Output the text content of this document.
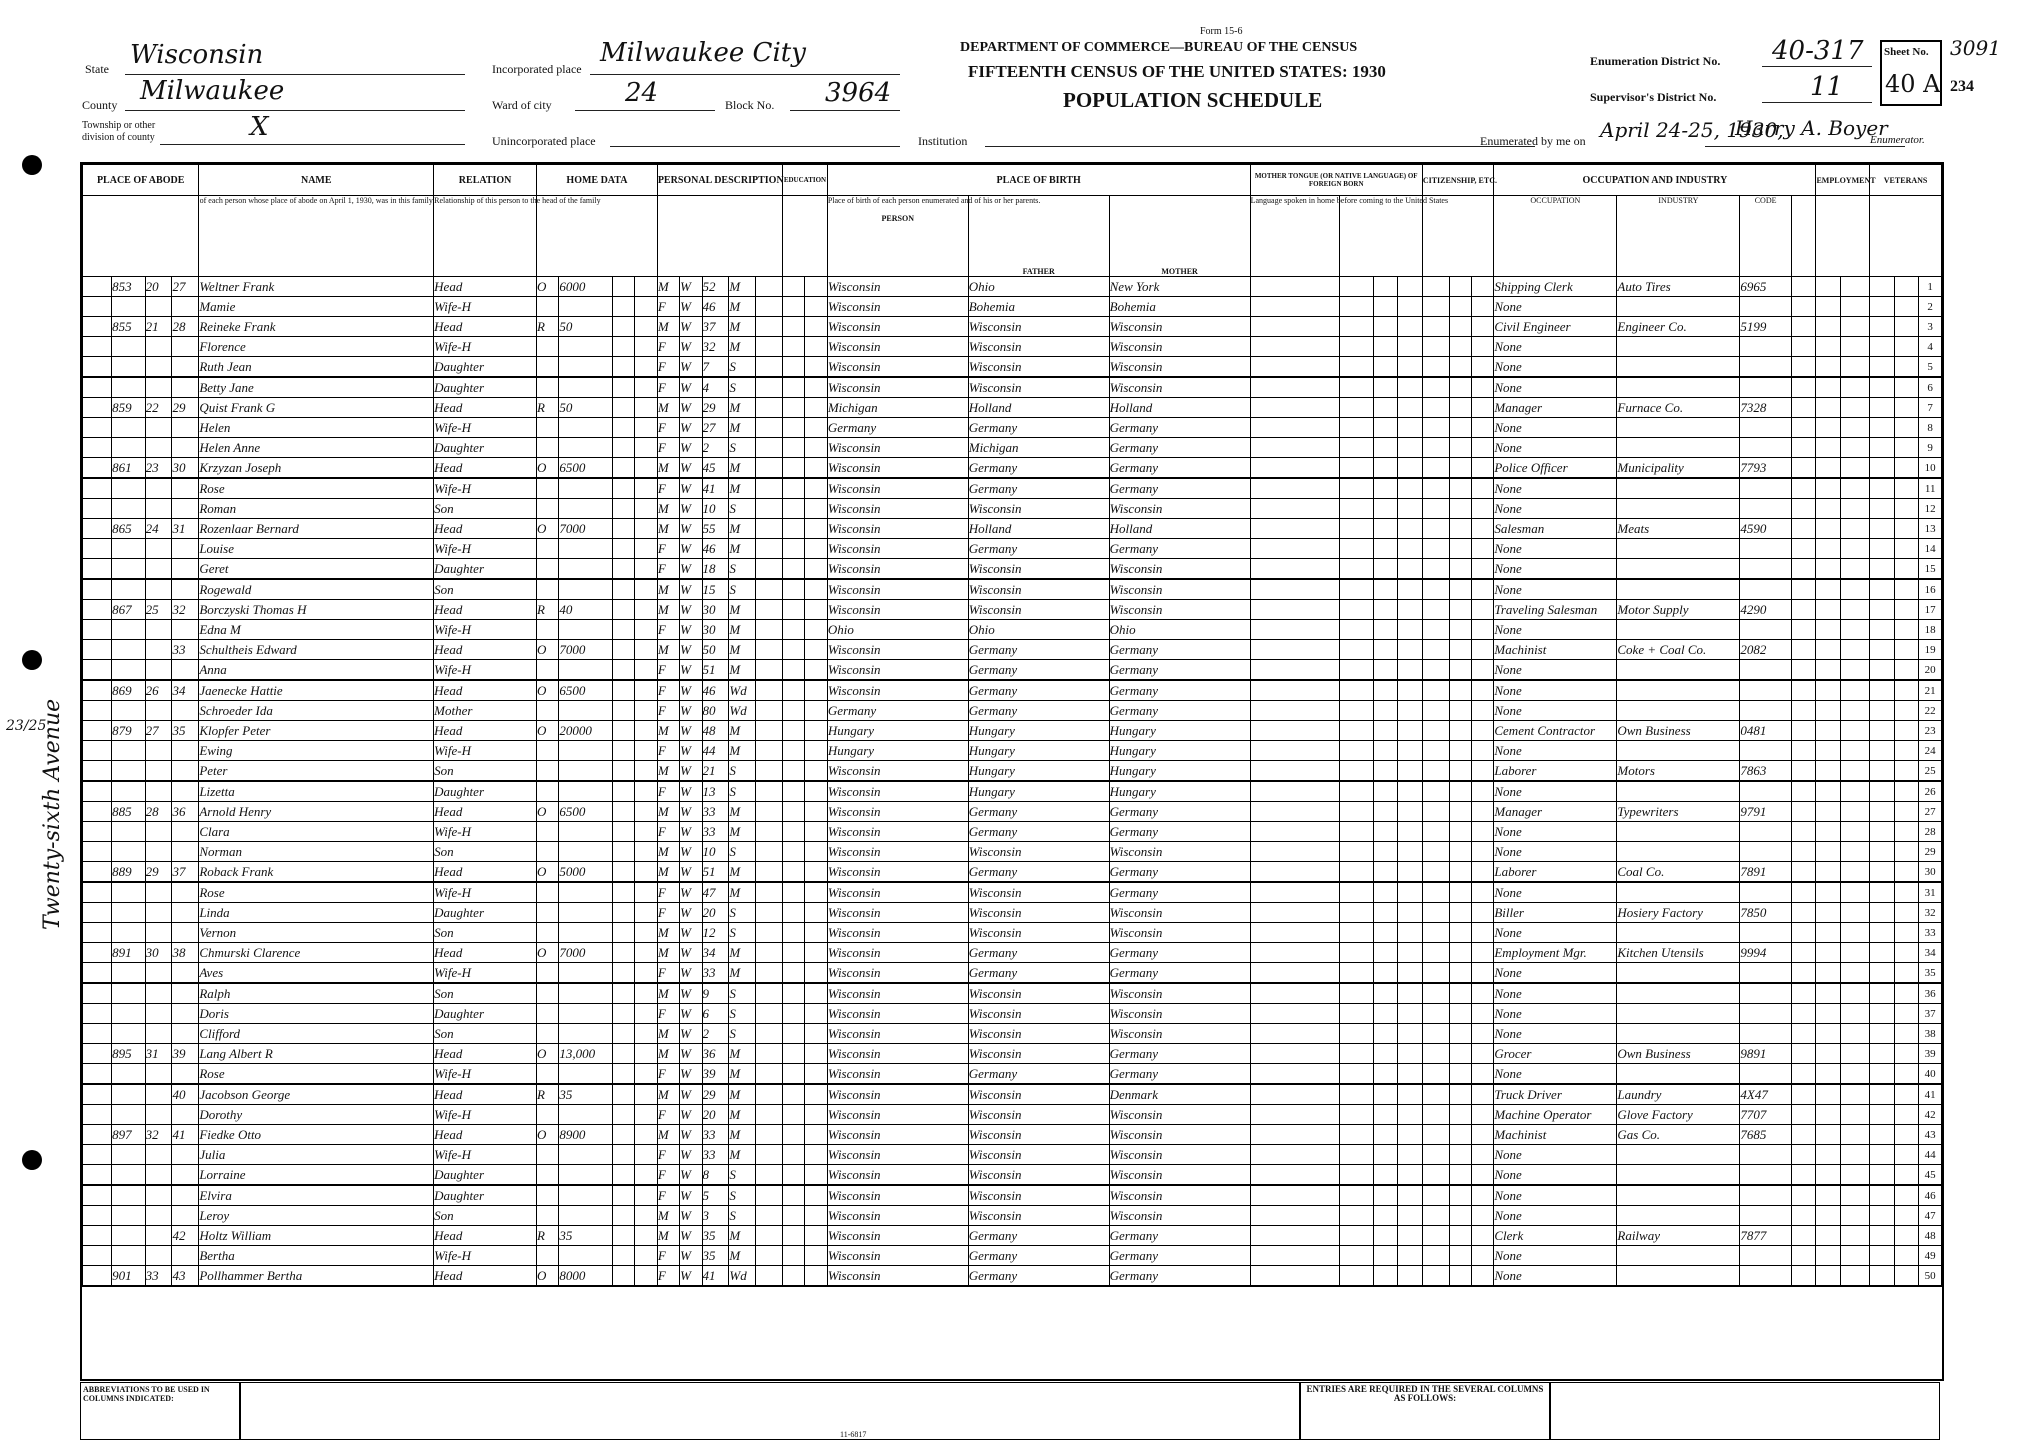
State Wisconsin
County Milwaukee
Township or other division of county	X
Incorporated place
Milwaukee City
Ward of city	24	Block No. 3964
Unincorporated place
Form 15-6
DEPARTMENT OF COMMERCE—BUREAU OF THE CENSUS
FIFTEENTH CENSUS OF THE UNITED STATES: 1930
POPULATION SCHEDULE
Institution
Enumeration District No. 40-317
Supervisor's District No.	11
Sheet No.
40 A 234
3091
Enumerated by me on April 24-25, 1930,
Harry A. Boyer
Enumerator.
PLACE OF ABODE				NAME	RELATION	HOME DATA				PERSONAL DESCRIPTION					EDUCATION		PLACE OF BIRTH			MOTHER TONGUE (OR NATIVE LANGUAGE) OF FOREIGN BORN				CITIZENSHIP, ETC.			OCCUPATION AND INDUSTRY				EMPLOYMENT		VETERANS		
				of each person whose place of abode on April 1, 1930, was in this family	Relationship of this person to the head of the family												Place of birth of each person enumerated and of his or her parents.

PERSON	FATHER	MOTHER	Language spoken in home before coming to the United States							OCCUPATION	INDUSTRY	CODE						
	853	20	27	Weltner Frank	Head	O	6000			M	W	52	M				Wisconsin	Ohio	New York								Shipping Clerk	Auto Tires	6965						1
				Mamie	Wife-H					F	W	46	M				Wisconsin	Bohemia	Bohemia								None								2
	855	21	28	Reineke Frank	Head	R	50			M	W	37	M				Wisconsin	Wisconsin	Wisconsin								Civil Engineer	Engineer Co.	5199						3
				Florence	Wife-H					F	W	32	M				Wisconsin	Wisconsin	Wisconsin								None								4
				Ruth Jean	Daughter					F	W	7	S				Wisconsin	Wisconsin	Wisconsin								None								5
				Betty Jane	Daughter					F	W	4	S				Wisconsin	Wisconsin	Wisconsin								None								6
	859	22	29	Quist Frank G	Head	R	50			M	W	29	M				Michigan	Holland	Holland								Manager	Furnace Co.	7328						7
				Helen	Wife-H					F	W	27	M				Germany	Germany	Germany								None								8
				Helen Anne	Daughter					F	W	2	S				Wisconsin	Michigan	Germany								None								9
	861	23	30	Krzyzan Joseph	Head	O	6500			M	W	45	M				Wisconsin	Germany	Germany								Police Officer	Municipality	7793						10
				Rose	Wife-H					F	W	41	M				Wisconsin	Germany	Germany								None								11
				Roman	Son					M	W	10	S				Wisconsin	Wisconsin	Wisconsin								None								12
	865	24	31	Rozenlaar Bernard	Head	O	7000			M	W	55	M				Wisconsin	Holland	Holland								Salesman	Meats	4590						13
				Louise	Wife-H					F	W	46	M				Wisconsin	Germany	Germany								None								14
				Geret	Daughter					F	W	18	S				Wisconsin	Wisconsin	Wisconsin								None								15
				Rogewald	Son					M	W	15	S				Wisconsin	Wisconsin	Wisconsin								None								16
	867	25	32	Borczyski Thomas H	Head	R	40			M	W	30	M				Wisconsin	Wisconsin	Wisconsin								Traveling Salesman	Motor Supply	4290						17
				Edna M	Wife-H					F	W	30	M				Ohio	Ohio	Ohio								None								18
			33	Schultheis Edward	Head	O	7000			M	W	50	M				Wisconsin	Germany	Germany								Machinist	Coke + Coal Co.	2082						19
				Anna	Wife-H					F	W	51	M				Wisconsin	Germany	Germany								None								20
	869	26	34	Jaenecke Hattie	Head	O	6500			F	W	46	Wd				Wisconsin	Germany	Germany								None								21
				Schroeder Ida	Mother					F	W	80	Wd				Germany	Germany	Germany								None								22
	879	27	35	Klopfer Peter	Head	O	20000			M	W	48	M				Hungary	Hungary	Hungary								Cement Contractor	Own Business	0481						23
				Ewing	Wife-H					F	W	44	M				Hungary	Hungary	Hungary								None								24
				Peter	Son					M	W	21	S				Wisconsin	Hungary	Hungary								Laborer	Motors	7863						25
				Lizetta	Daughter					F	W	13	S				Wisconsin	Hungary	Hungary								None								26
	885	28	36	Arnold Henry	Head	O	6500			M	W	33	M				Wisconsin	Germany	Germany								Manager	Typewriters	9791						27
				Clara	Wife-H					F	W	33	M				Wisconsin	Germany	Germany								None								28
				Norman	Son					M	W	10	S				Wisconsin	Wisconsin	Wisconsin								None								29
	889	29	37	Roback Frank	Head	O	5000			M	W	51	M				Wisconsin	Germany	Germany								Laborer	Coal Co.	7891						30
				Rose	Wife-H					F	W	47	M				Wisconsin	Wisconsin	Germany								None								31
				Linda	Daughter					F	W	20	S				Wisconsin	Wisconsin	Wisconsin								Biller	Hosiery Factory	7850						32
				Vernon	Son					M	W	12	S				Wisconsin	Wisconsin	Wisconsin								None								33
	891	30	38	Chmurski Clarence	Head	O	7000			M	W	34	M				Wisconsin	Germany	Germany								Employment Mgr.	Kitchen Utensils	9994						34
				Aves	Wife-H					F	W	33	M				Wisconsin	Germany	Germany								None								35
				Ralph	Son					M	W	9	S				Wisconsin	Wisconsin	Wisconsin								None								36
				Doris	Daughter					F	W	6	S				Wisconsin	Wisconsin	Wisconsin								None								37
				Clifford	Son					M	W	2	S				Wisconsin	Wisconsin	Wisconsin								None								38
	895	31	39	Lang Albert R	Head	O	13,000			M	W	36	M				Wisconsin	Wisconsin	Germany								Grocer	Own Business	9891						39
				Rose	Wife-H					F	W	39	M				Wisconsin	Germany	Germany								None								40
			40	Jacobson George	Head	R	35			M	W	29	M				Wisconsin	Wisconsin	Denmark								Truck Driver	Laundry	4X47						41
				Dorothy	Wife-H					F	W	20	M				Wisconsin	Wisconsin	Wisconsin								Machine Operator	Glove Factory	7707						42
	897	32	41	Fiedke Otto	Head	O	8900			M	W	33	M				Wisconsin	Wisconsin	Wisconsin								Machinist	Gas Co.	7685						43
				Julia	Wife-H					F	W	33	M				Wisconsin	Wisconsin	Wisconsin								None								44
				Lorraine	Daughter					F	W	8	S				Wisconsin	Wisconsin	Wisconsin								None								45
				Elvira	Daughter					F	W	5	S				Wisconsin	Wisconsin	Wisconsin								None								46
				Leroy	Son					M	W	3	S				Wisconsin	Wisconsin	Wisconsin								None								47
			42	Holtz William	Head	R	35			M	W	35	M				Wisconsin	Germany	Germany								Clerk	Railway	7877						48
				Bertha	Wife-H					F	W	35	M				Wisconsin	Germany	Germany								None								49
	901	33	43	Pollhammer Bertha	Head	O	8000			F	W	41	Wd				Wisconsin	Germany	Germany								None								50
Twenty-sixth Avenue
23/25
ABBREVIATIONS TO BE USED IN COLUMNS INDICATED:
ENTRIES ARE REQUIRED IN THE SEVERAL COLUMNS AS FOLLOWS:
11-6817
